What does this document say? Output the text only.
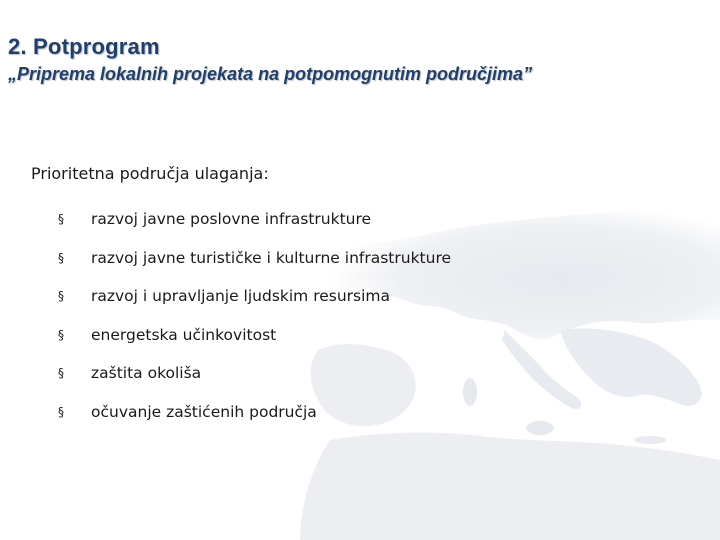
2. Potprogram
„Priprema lokalnih projekata na potpomognutim područjima”
Prioritetna područja ulaganja:
§	razvoj javne poslovne infrastrukture
§	razvoj javne turističke i kulturne infrastrukture
§	razvoj i upravljanje ljudskim resursima
§	energetska učinkovitost
§	zaštita okoliša
§	očuvanje zaštićenih područja
